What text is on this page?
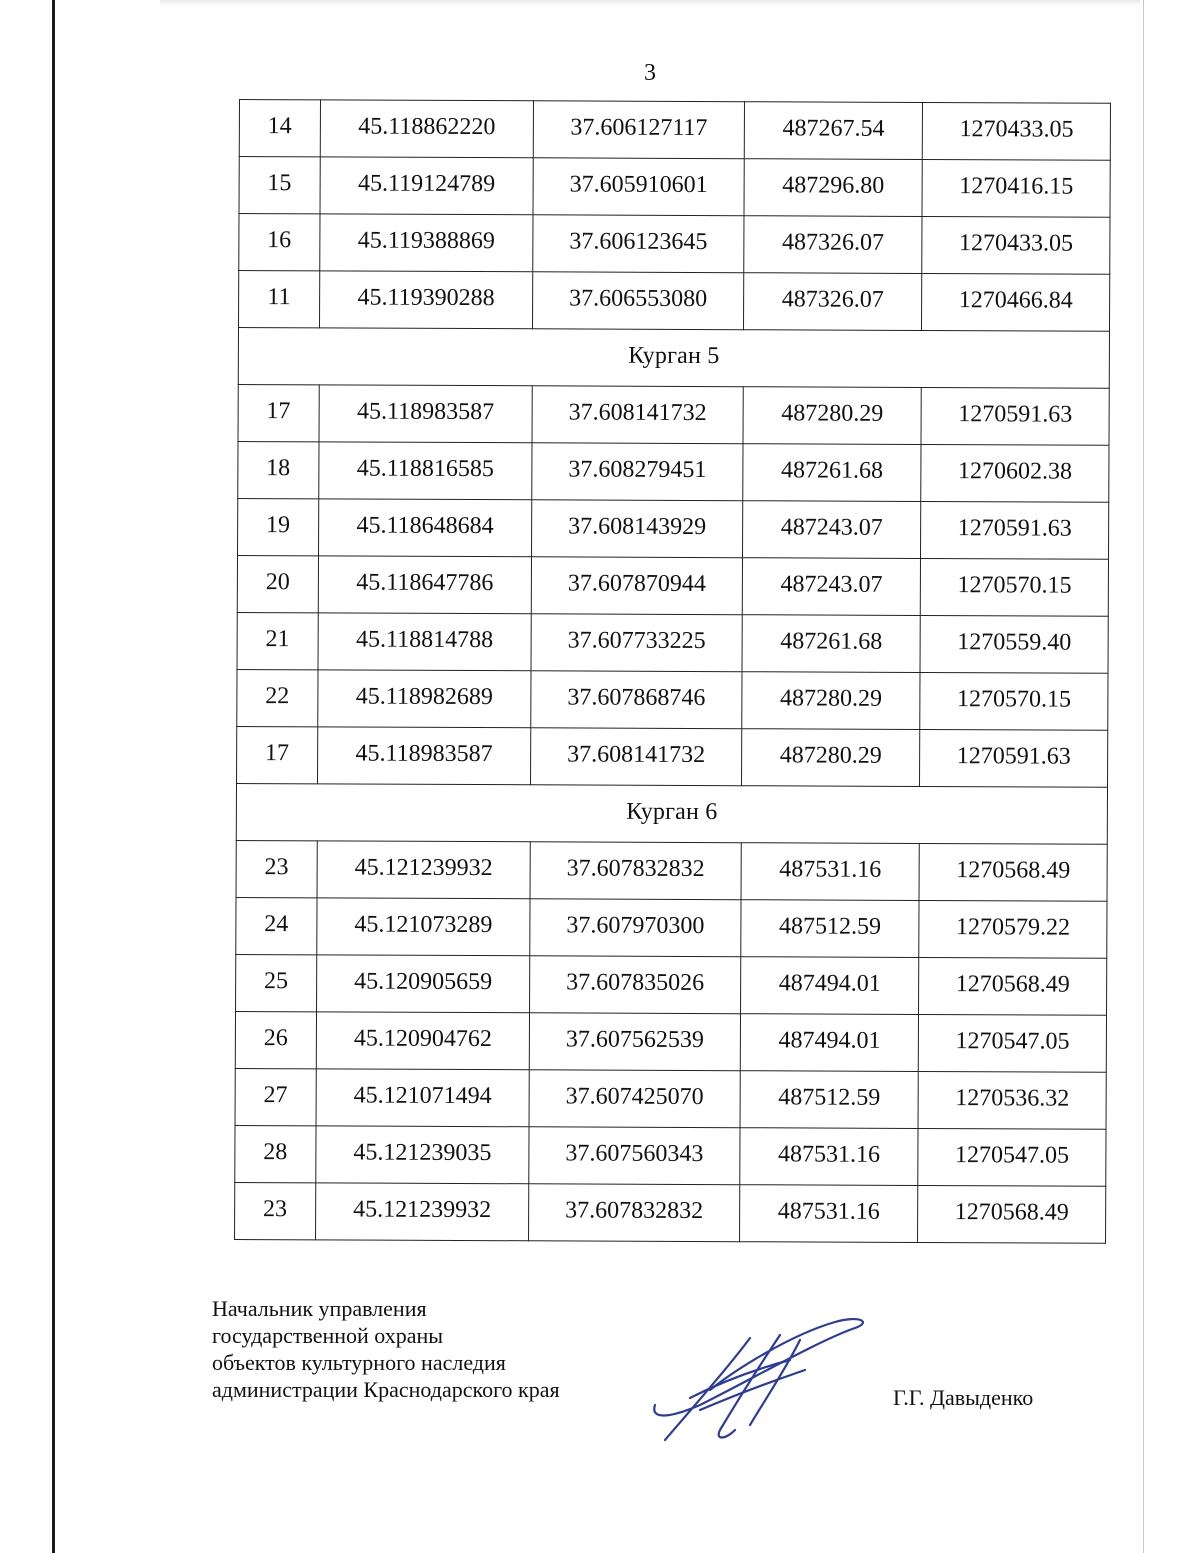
3
14	45.118862220	37.606127117	487267.54	1270433.05
15	45.119124789	37.605910601	487296.80	1270416.15
16	45.119388869	37.606123645	487326.07	1270433.05
11	45.119390288	37.606553080	487326.07	1270466.84
Курган 5				
17	45.118983587	37.608141732	487280.29	1270591.63
18	45.118816585	37.608279451	487261.68	1270602.38
19	45.118648684	37.608143929	487243.07	1270591.63
20	45.118647786	37.607870944	487243.07	1270570.15
21	45.118814788	37.607733225	487261.68	1270559.40
22	45.118982689	37.607868746	487280.29	1270570.15
17	45.118983587	37.608141732	487280.29	1270591.63
Курган 6				
23	45.121239932	37.607832832	487531.16	1270568.49
24	45.121073289	37.607970300	487512.59	1270579.22
25	45.120905659	37.607835026	487494.01	1270568.49
26	45.120904762	37.607562539	487494.01	1270547.05
27	45.121071494	37.607425070	487512.59	1270536.32
28	45.121239035	37.607560343	487531.16	1270547.05
23	45.121239932	37.607832832	487531.16	1270568.49
Начальник управления
государственной охраны
объектов культурного наследия
администрации Краснодарского края	Г.Г. Давыденко
